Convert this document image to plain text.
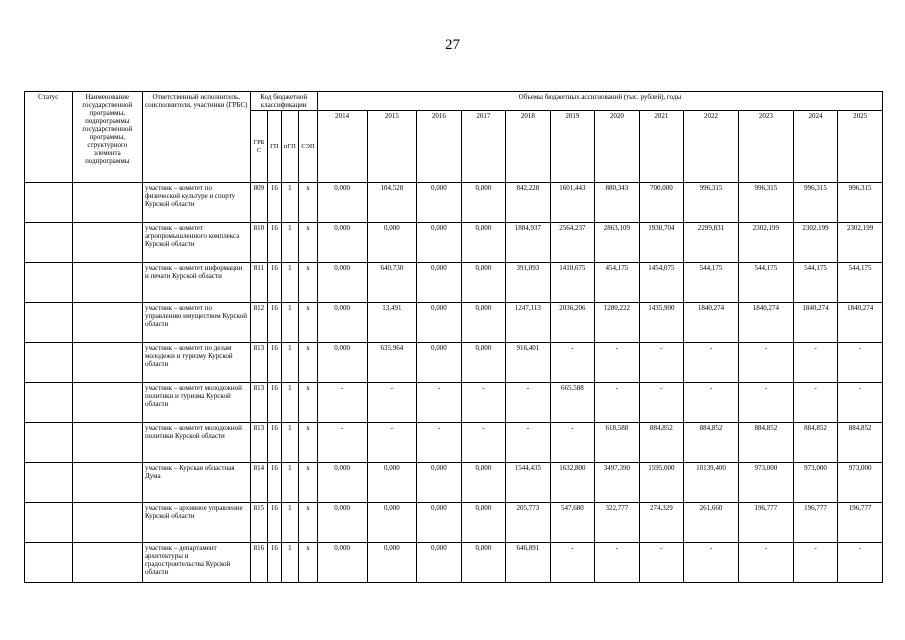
27
Статус	Наименование государственной программы, подпрограммы государственной программы, структурного элемента подпрограммы	Ответственный исполнитель, соисполнители, участники (ГРБС)	Код бюджетной классификации				Объемы бюджетных ассигнований (тыс. рублей), годы											
			ГРБС	ГП	пГП	СЭП	2014	2015	2016	2017	2018	2019	2020	2021	2022	2023	2024	2025
		участник – комитет по физической культуре и спорту Курской области	809	16	1	х	0,000	104,528	0,000	0,000	842,228	1601,443	880,343	700,000	996,315	996,315	996,315	996,315
		участник – комитет агропромышленного комплекса Курской области	810	16	1	х	0,000	0,000	0,000	0,000	1884,937	2564,237	2863,109	1930,704	2299,831	2302,199	2302,199	2302,199
		участник – комитет информации и печати Курской области	811	16	1	х	0,000	640,730	0,000	0,000	391,093	1410,675	454,175	1454,075	544,175	544,175	544,175	544,175
		участник – комитет по управлению имуществом Курской области	812	16	1	х	0,000	13,491	0,000	0,000	1247,113	2036,206	1280,222	1435,900	1840,274	1840,274	1840,274	1840,274
		участник – комитет по делам молодежи и туризму Курской области	813	16	1	х	0,000	635,964	0,000	0,000	916,401	-	-	-	-	-	-	-
		участник – комитет молодежной политики и туризма Курской области	813	16	1	х	-	-	-	-	-	665,588	-	-	-	-	-	-
		участник – комитет молодежной политики Курской области	813	16	1	х	-	-	-	-	-	-	618,588	884,852	884,852	884,852	884,852	884,852
		участник – Курская областная Дума	814	16	1	х	0,000	0,000	0,000	0,000	1544,435	1632,800	3497,390	1595,000	10139,400	973,000	973,000	973,000
		участник – архивное управление Курской области	815	16	1	х	0,000	0,000	0,000	0,000	205,773	547,680	322,777	274,329	261,660	196,777	196,777	196,777
		участник – департамент архитектуры и градостроительства Курской области	816	16	1	х	0,000	0,000	0,000	0,000	646,891	-	-	-	-	-	-	-
